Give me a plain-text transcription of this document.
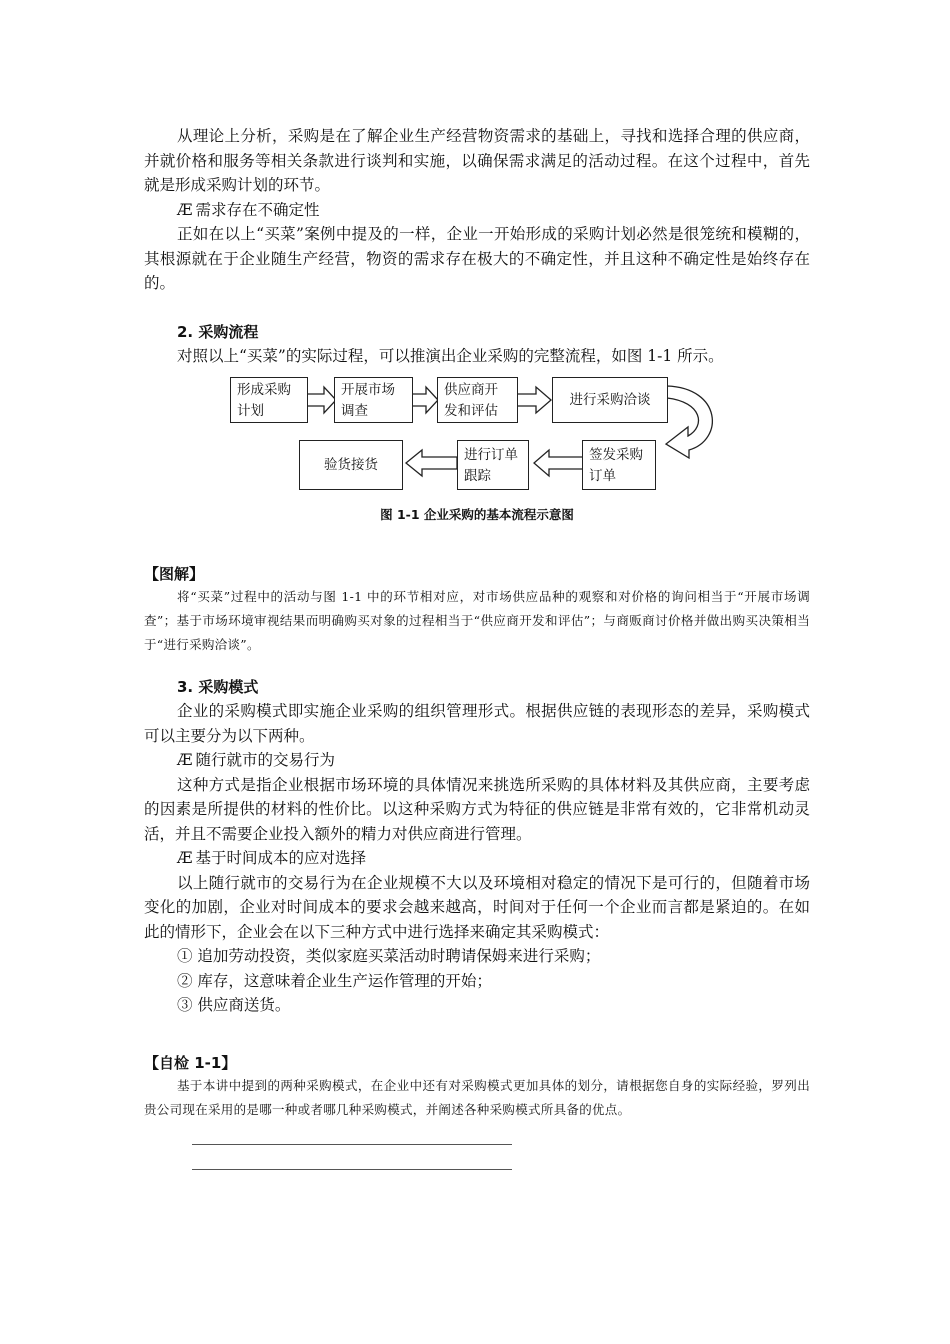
从理论上分析，采购是在了解企业生产经营物资需求的基础上，寻找和选择合理的供应商，并就价格和服务等相关条款进行谈判和实施，以确保需求满足的活动过程。在这个过程中，首先就是形成采购计划的环节。

Æ 需求存在不确定性

正如在以上“买菜”案例中提及的一样，企业一开始形成的采购计划必然是很笼统和模糊的，其根源就在于企业随生产经营，物资的需求存在极大的不确定性，并且这种不确定性是始终存在的。

2. 采购流程

对照以上“买菜”的实际过程，可以推演出企业采购的完整流程，如图 1-1 所示。

形成采购
计划
开展市场
调查
供应商开
发和评估
进行采购洽谈
签发采购
订单
进行订单
跟踪
验货接货

图 1-1 企业采购的基本流程示意图

【图解】

将“买菜”过程中的活动与图 1-1 中的环节相对应，对市场供应品种的观察和对价格的询问相当于“开展市场调查”；基于市场环境审视结果而明确购买对象的过程相当于“供应商开发和评估”；与商贩商讨价格并做出购买决策相当于“进行采购洽谈”。

3. 采购模式

企业的采购模式即实施企业采购的组织管理形式。根据供应链的表现形态的差异，采购模式可以主要分为以下两种。

Æ 随行就市的交易行为

这种方式是指企业根据市场环境的具体情况来挑选所采购的具体材料及其供应商，主要考虑的因素是所提供的材料的性价比。以这种采购方式为特征的供应链是非常有效的，它非常机动灵活，并且不需要企业投入额外的精力对供应商进行管理。

Æ 基于时间成本的应对选择

以上随行就市的交易行为在企业规模不大以及环境相对稳定的情况下是可行的，但随着市场变化的加剧，企业对时间成本的要求会越来越高，时间对于任何一个企业而言都是紧迫的。在如此的情形下，企业会在以下三种方式中进行选择来确定其采购模式：

① 追加劳动投资，类似家庭买菜活动时聘请保姆来进行采购；

② 库存，这意味着企业生产运作管理的开始；

③ 供应商送货。

【自检 1-1】

基于本讲中提到的两种采购模式，在企业中还有对采购模式更加具体的划分，请根据您自身的实际经验，罗列出贵公司现在采用的是哪一种或者哪几种采购模式，并阐述各种采购模式所具备的优点。
